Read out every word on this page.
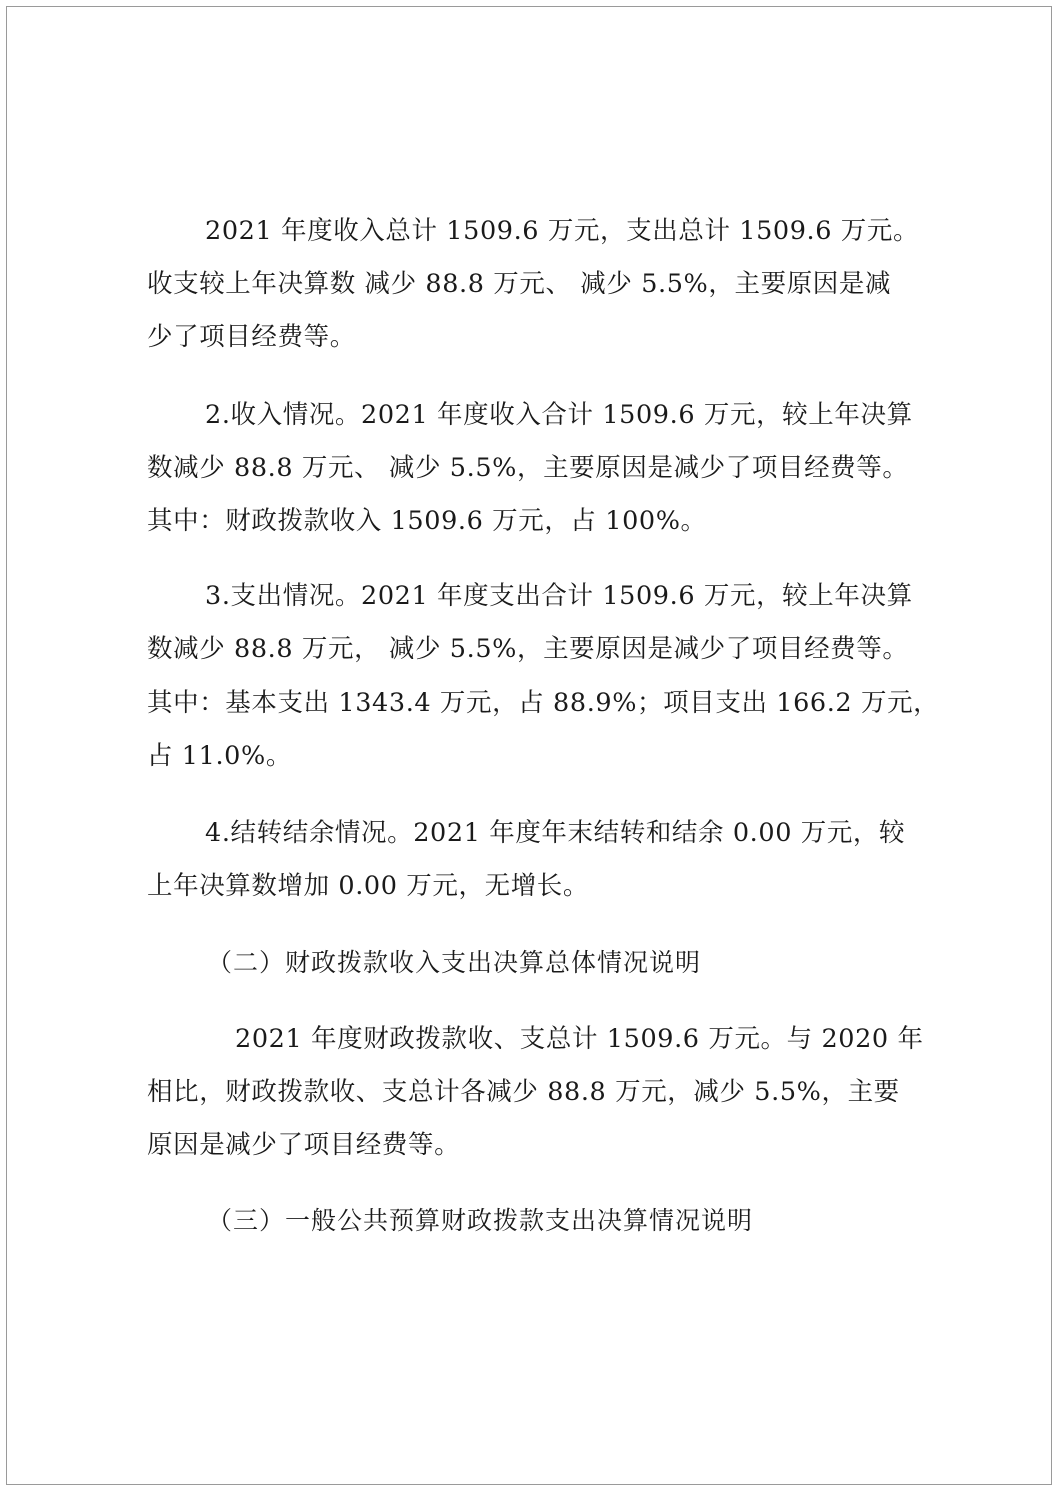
2021 年度收入总计 1509.6 万元，支出总计 1509.6 万元。
收支较上年决算数 减少 88.8 万元、 减少 5.5%，主要原因是减
少了项目经费等。
2.收入情况。2021 年度收入合计 1509.6 万元，较上年决算
数减少 88.8 万元、 减少 5.5%，主要原因是减少了项目经费等。
其中：财政拨款收入 1509.6 万元，占 100%。
3.支出情况。2021 年度支出合计 1509.6 万元，较上年决算
数减少 88.8 万元， 减少 5.5%，主要原因是减少了项目经费等。
其中：基本支出 1343.4 万元，占 88.9%；项目支出 166.2 万元，
占 11.0%。
4.结转结余情况。2021 年度年末结转和结余 0.00 万元，较
上年决算数增加 0.00 万元，无增长。
（二）财政拨款收入支出决算总体情况说明
2021 年度财政拨款收、支总计 1509.6 万元。与 2020 年
相比，财政拨款收、支总计各减少 88.8 万元，减少 5.5%，主要
原因是减少了项目经费等。
（三）一般公共预算财政拨款支出决算情况说明
